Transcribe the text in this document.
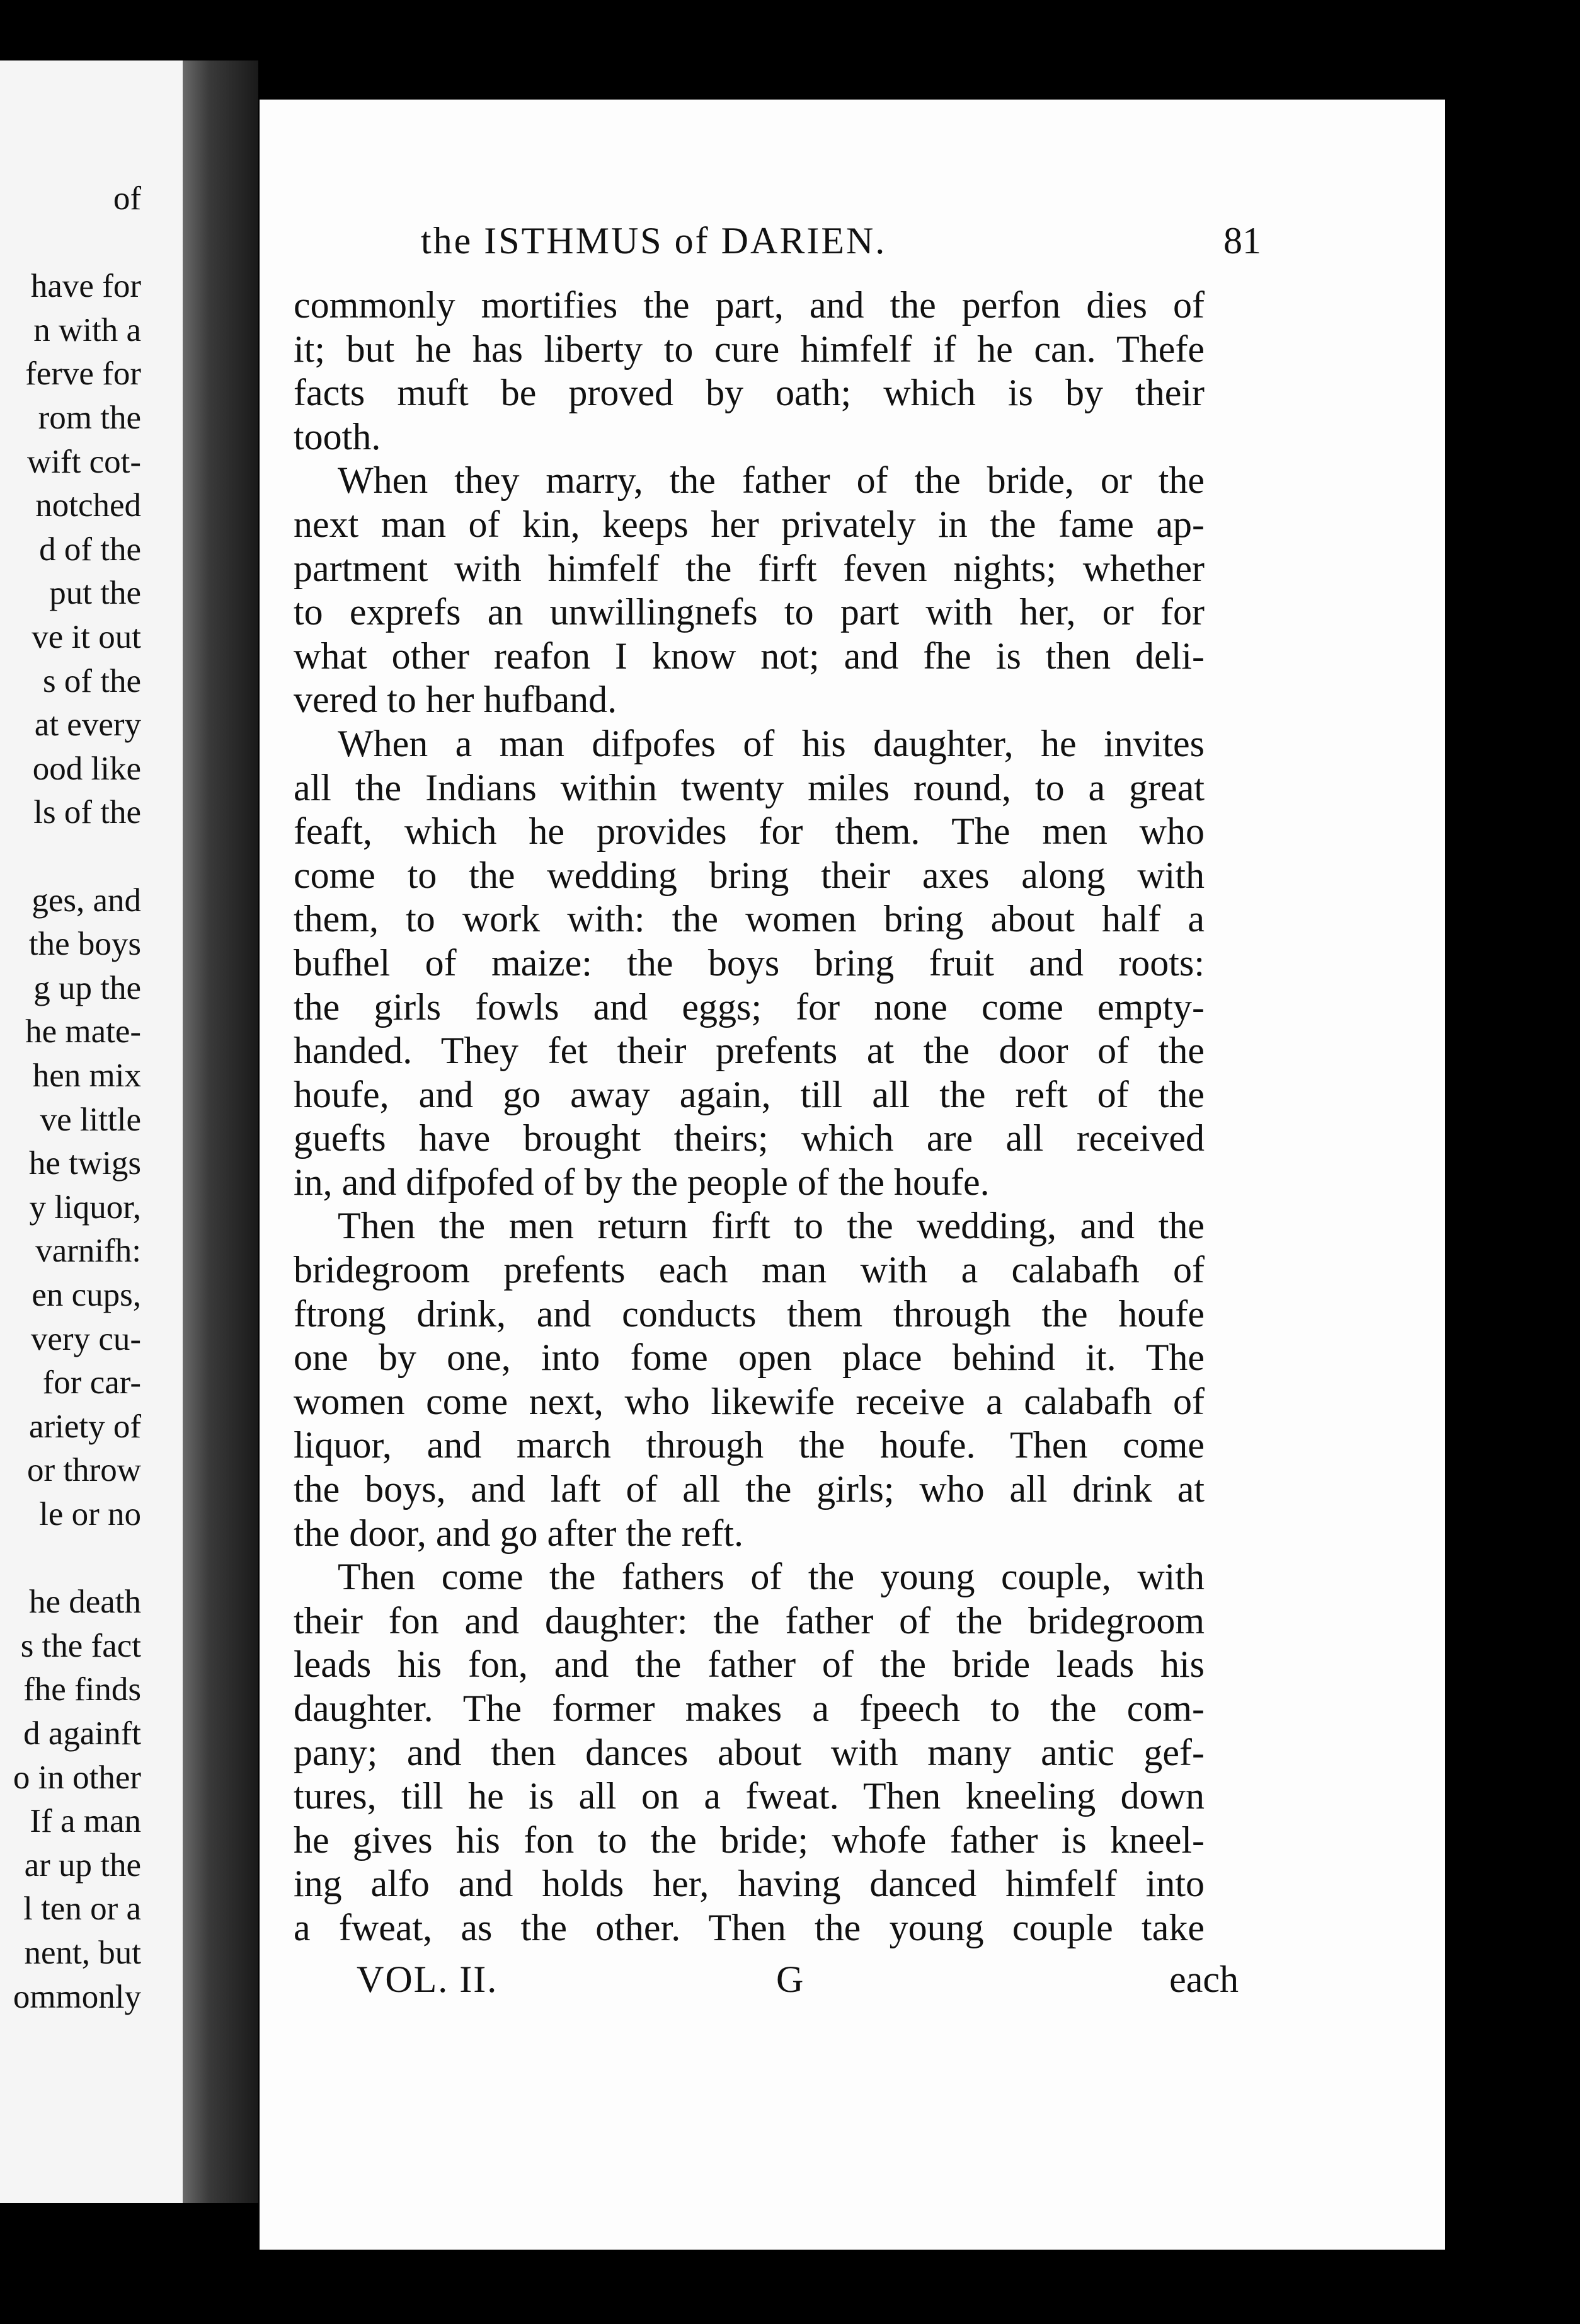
of
have for
n with a
ferve for
rom the
wift cot-
notched
d of the
put the
ve it out
s of the
at every
ood like
ls of the
ges, and
the boys
g up the
he mate-
hen mix
ve little
he twigs
y liquor,
varnifh:
en cups,
very cu-
for car-
ariety of
or throw
le or no
he death
s the fact
fhe finds
d againft
o in other
If a man
ar up the
l ten or a
nent, but
ommonly
the ISTHMUS of DARIEN.	81
commonly mortifies the part, and the perfon dies of
it; but he has liberty to cure himfelf if he can. Thefe
facts muft be proved by oath; which is by their
tooth.
When they marry, the father of the bride, or the
next man of kin, keeps her privately in the fame ap-
partment with himfelf the firft feven nights; whether
to exprefs an unwillingnefs to part with her, or for
what other reafon I know not; and fhe is then deli-
vered to her hufband.
When a man difpofes of his daughter, he invites
all the Indians within twenty miles round, to a great
feaft, which he provides for them. The men who
come to the wedding bring their axes along with
them, to work with: the women bring about half a
bufhel of maize: the boys bring fruit and roots:
the girls fowls and eggs; for none come empty-
handed. They fet their prefents at the door of the
houfe, and go away again, till all the reft of the
guefts have brought theirs; which are all received
in, and difpofed of by the people of the houfe.
Then the men return firft to the wedding, and the
bridegroom prefents each man with a calabafh of
ftrong drink, and conducts them through the houfe
one by one, into fome open place behind it. The
women come next, who likewife receive a calabafh of
liquor, and march through the houfe. Then come
the boys, and laft of all the girls; who all drink at
the door, and go after the reft.
Then come the fathers of the young couple, with
their fon and daughter: the father of the bridegroom
leads his fon, and the father of the bride leads his
daughter. The former makes a fpeech to the com-
pany; and then dances about with many antic gef-
tures, till he is all on a fweat. Then kneeling down
he gives his fon to the bride; whofe father is kneel-
ing alfo and holds her, having danced himfelf into
a fweat, as the other. Then the young couple take
VOL. II.	G	each
